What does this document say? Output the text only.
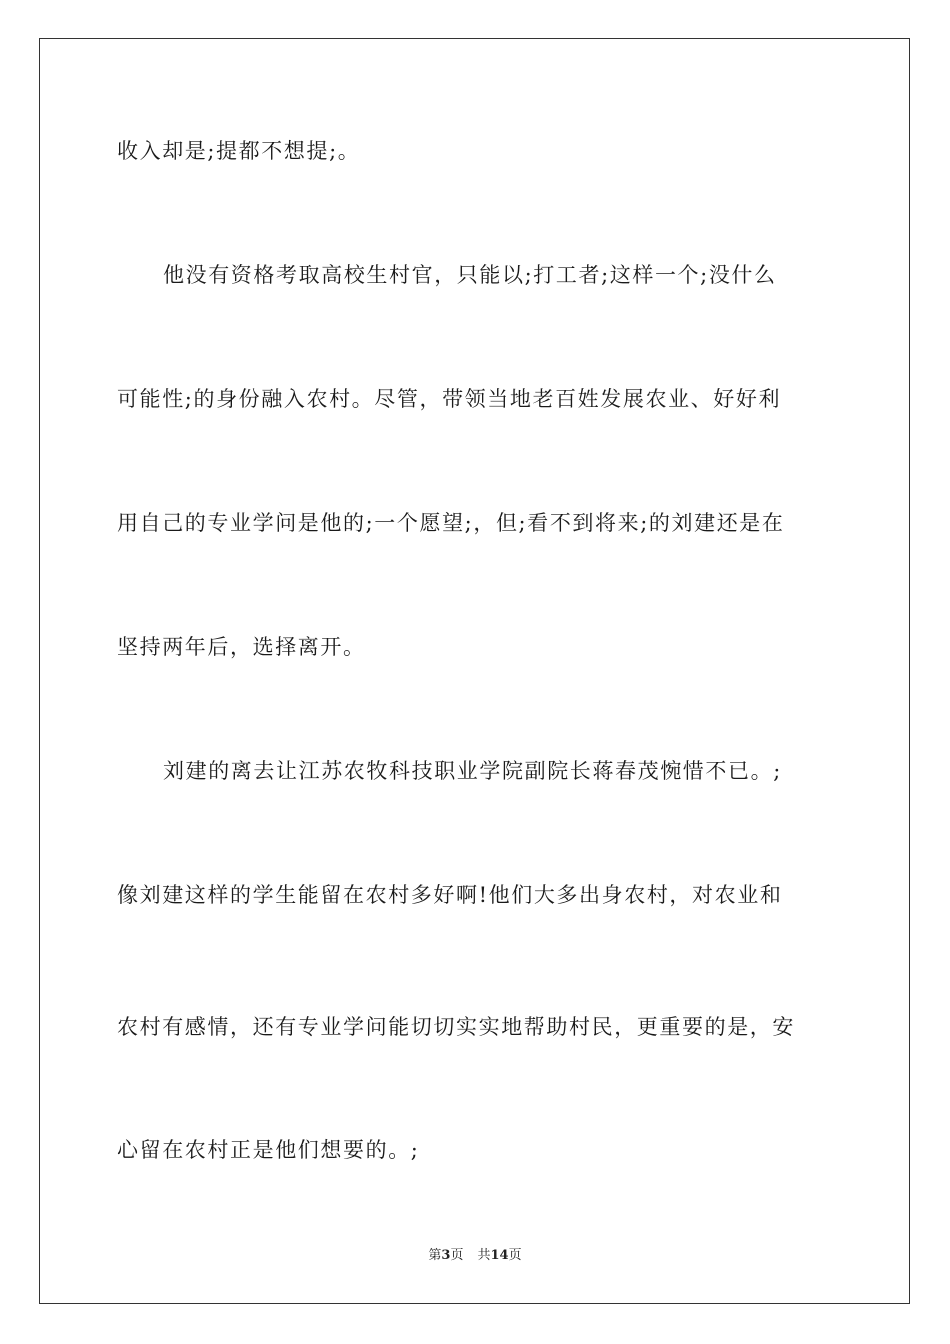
收入却是;提都不想提;。
他没有资格考取高校生村官，只能以;打工者;这样一个;没什么
可能性;的身份融入农村。尽管，带领当地老百姓发展农业、好好利
用自己的专业学问是他的;一个愿望;，但;看不到将来;的刘建还是在
坚持两年后，选择离开。
刘建的离去让江苏农牧科技职业学院副院长蒋春茂惋惜不已。;
像刘建这样的学生能留在农村多好啊!他们大多出身农村，对农业和
农村有感情，还有专业学问能切切实实地帮助村民，更重要的是，安
心留在农村正是他们想要的。;
第3页 共14页
